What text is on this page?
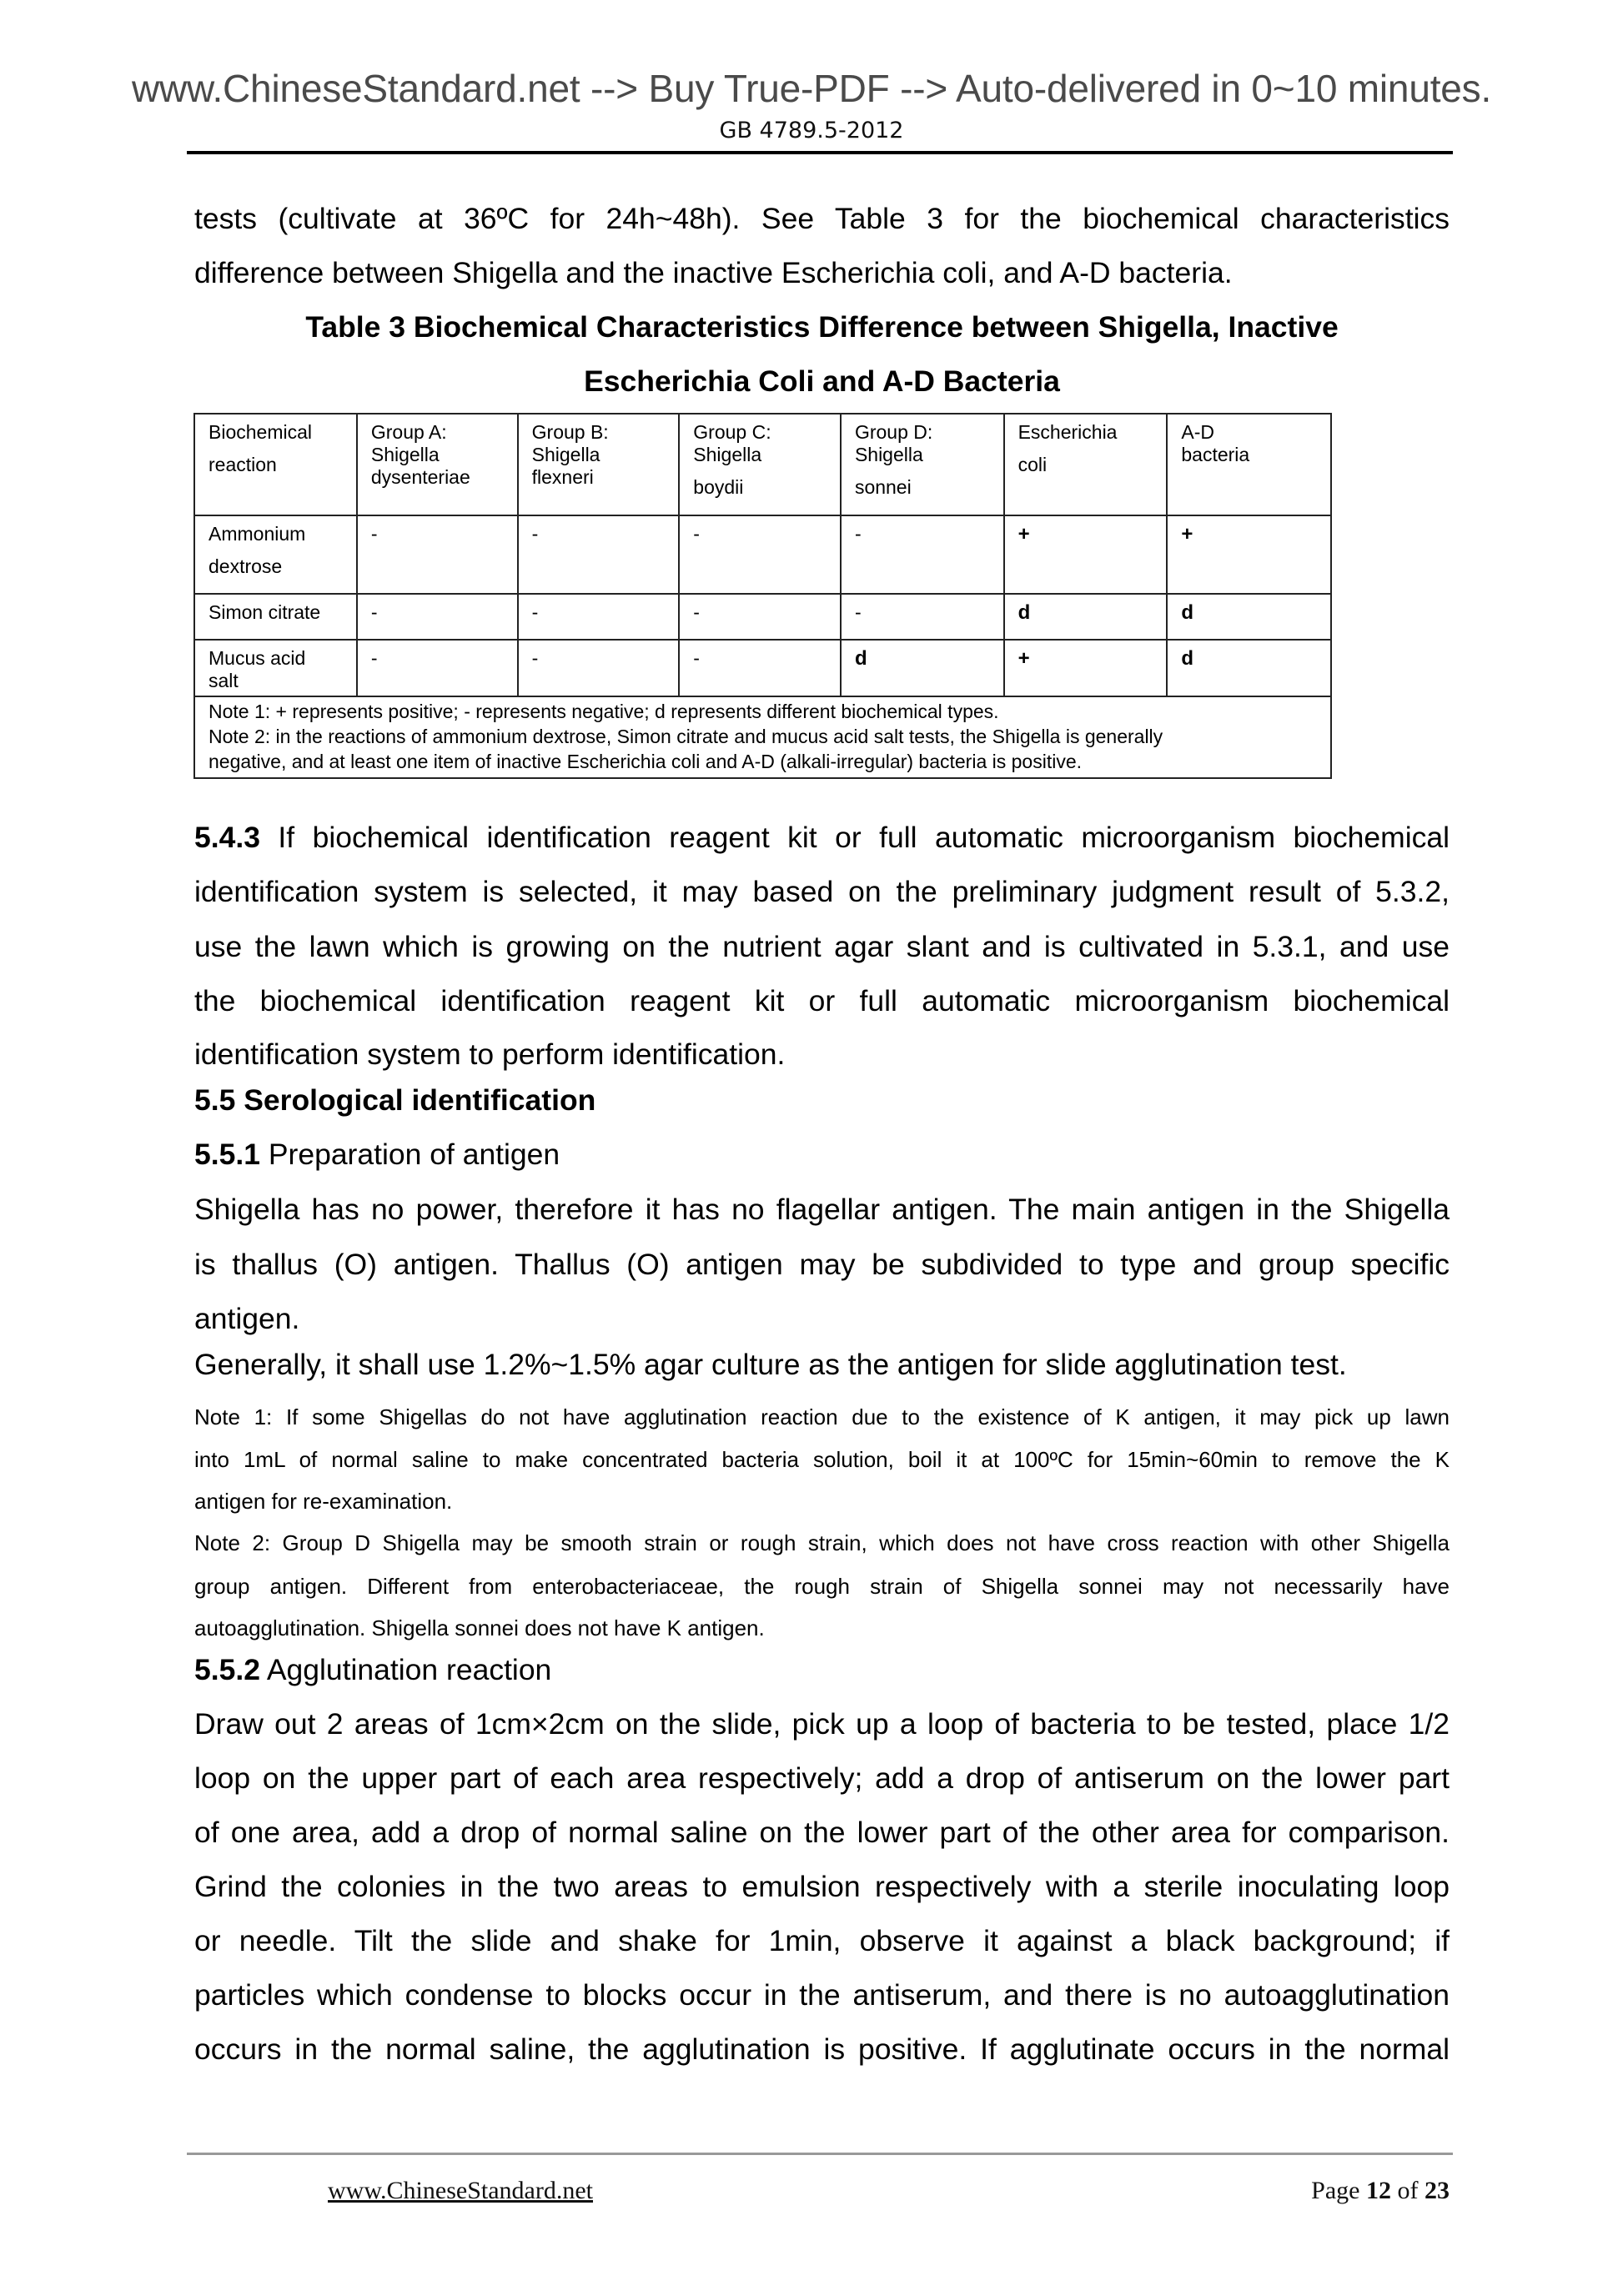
www.ChineseStandard.net --> Buy True-PDF --> Auto-delivered in 0~10 minutes.
GB 4789.5-2012
tests (cultivate at 36ºC for 24h~48h). See Table 3 for the biochemical characteristics
difference between Shigella and the inactive Escherichia coli, and A-D bacteria.
Table 3 Biochemical Characteristics Difference between Shigella, Inactive
Escherichia Coli and A-D Bacteria
Biochemical
reaction	Group A:
Shigella
dysenteriae	Group B:
Shigella
flexneri	Group C:
Shigella
boydii	Group D:
Shigella
sonnei	Escherichia
coli	A-D
bacteria

Ammonium
dextrose	-	-	-	-	+	+

Simon citrate	-	-	-	-	d	d

Mucus acid
salt	-	-	-	d	+	d

Note 1: + represents positive; - represents negative; d represents different biochemical types.
Note 2: in the reactions of ammonium dextrose, Simon citrate and mucus acid salt tests, the Shigella is generally
negative, and at least one item of inactive Escherichia coli and A-D (alkali-irregular) bacteria is positive.						
5.4.3 If biochemical identification reagent kit or full automatic microorganism biochemical
identification system is selected, it may based on the preliminary judgment result of 5.3.2,
use the lawn which is growing on the nutrient agar slant and is cultivated in 5.3.1, and use
the biochemical identification reagent kit or full automatic microorganism biochemical
identification system to perform identification.
5.5 Serological identification
5.5.1 Preparation of antigen
Shigella has no power, therefore it has no flagellar antigen. The main antigen in the Shigella
is thallus (O) antigen. Thallus (O) antigen may be subdivided to type and group specific
antigen.
Generally, it shall use 1.2%~1.5% agar culture as the antigen for slide agglutination test.
Note 1: If some Shigellas do not have agglutination reaction due to the existence of K antigen, it may pick up lawn
into 1mL of normal saline to make concentrated bacteria solution, boil it at 100ºC for 15min~60min to remove the K
antigen for re-examination.
Note 2: Group D Shigella may be smooth strain or rough strain, which does not have cross reaction with other Shigella
group antigen. Different from enterobacteriaceae, the rough strain of Shigella sonnei may not necessarily have
autoagglutination. Shigella sonnei does not have K antigen.
5.5.2 Agglutination reaction
Draw out 2 areas of 1cm×2cm on the slide, pick up a loop of bacteria to be tested, place 1/2
loop on the upper part of each area respectively; add a drop of antiserum on the lower part
of one area, add a drop of normal saline on the lower part of the other area for comparison.
Grind the colonies in the two areas to emulsion respectively with a sterile inoculating loop
or needle. Tilt the slide and shake for 1min, observe it against a black background; if
particles which condense to blocks occur in the antiserum, and there is no autoagglutination
occurs in the normal saline, the agglutination is positive. If agglutinate occurs in the normal
www.ChineseStandard.net	Page 12 of 23
